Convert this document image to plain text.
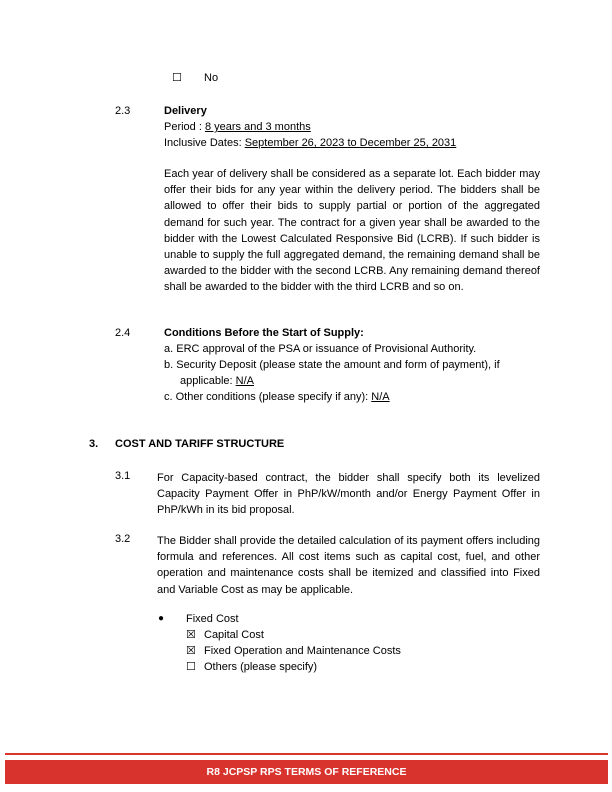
☐ No
2.3	Delivery
Period : 8 years and 3 months
Inclusive Dates: September 26, 2023 to December 25, 2031
Each year of delivery shall be considered as a separate lot. Each bidder may offer their bids for any year within the delivery period. The bidders shall be allowed to offer their bids to supply partial or portion of the aggregated demand for such year. The contract for a given year shall be awarded to the bidder with the Lowest Calculated Responsive Bid (LCRB). If such bidder is unable to supply the full aggregated demand, the remaining demand shall be awarded to the bidder with the second LCRB. Any remaining demand thereof shall be awarded to the bidder with the third LCRB and so on.
2.4	Conditions Before the Start of Supply:
a. ERC approval of the PSA or issuance of Provisional Authority.
b. Security Deposit (please state the amount and form of payment), if
applicable: N/A
c. Other conditions (please specify if any): N/A
3. COST AND TARIFF STRUCTURE
3.1 For Capacity-based contract, the bidder shall specify both its levelized Capacity Payment Offer in PhP/kW/month and/or Energy Payment Offer in PhP/kWh in its bid proposal.
3.2 The Bidder shall provide the detailed calculation of its payment offers including formula and references. All cost items such as capital cost, fuel, and other operation and maintenance costs shall be itemized and classified into Fixed and Variable Cost as may be applicable.
● Fixed Cost
☒ Capital Cost
☒ Fixed Operation and Maintenance Costs
☐ Others (please specify)
R8 JCPSP RPS TERMS OF REFERENCE
